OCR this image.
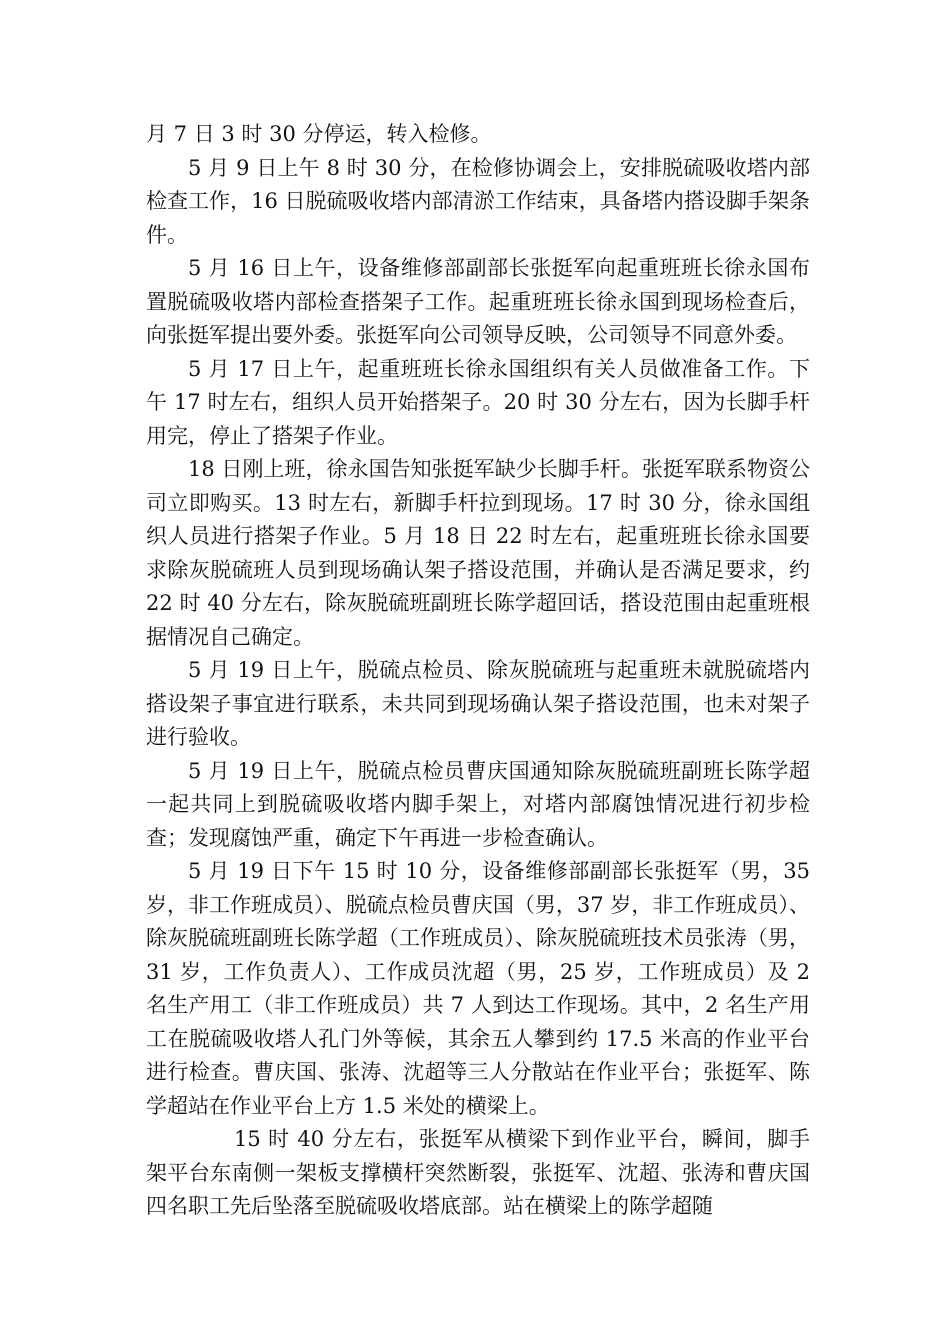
月 7 日 3 时 30 分停运，转入检修。

5 月 9 日上午 8 时 30 分，在检修协调会上，安排脱硫吸收塔内部检查工作，16 日脱硫吸收塔内部清淤工作结束，具备塔内搭设脚手架条件。

5 月 16 日上午，设备维修部副部长张挺军向起重班班长徐永国布置脱硫吸收塔内部检查搭架子工作。起重班班长徐永国到现场检查后，向张挺军提出要外委。张挺军向公司领导反映，公司领导不同意外委。

5 月 17 日上午，起重班班长徐永国组织有关人员做准备工作。下午 17 时左右，组织人员开始搭架子。20 时 30 分左右，因为长脚手杆用完，停止了搭架子作业。

18 日刚上班，徐永国告知张挺军缺少长脚手杆。张挺军联系物资公司立即购买。13 时左右，新脚手杆拉到现场。17 时 30 分，徐永国组织人员进行搭架子作业。5 月 18 日 22 时左右，起重班班长徐永国要求除灰脱硫班人员到现场确认架子搭设范围，并确认是否满足要求，约 22 时 40 分左右，除灰脱硫班副班长陈学超回话，搭设范围由起重班根据情况自己确定。

5 月 19 日上午，脱硫点检员、除灰脱硫班与起重班未就脱硫塔内搭设架子事宜进行联系，未共同到现场确认架子搭设范围，也未对架子进行验收。

5 月 19 日上午，脱硫点检员曹庆国通知除灰脱硫班副班长陈学超一起共同上到脱硫吸收塔内脚手架上，对塔内部腐蚀情况进行初步检查；发现腐蚀严重，确定下午再进一步检查确认。

5 月 19 日下午 15 时 10 分，设备维修部副部长张挺军（男，35 岁，非工作班成员）、脱硫点检员曹庆国（男，37 岁，非工作班成员）、除灰脱硫班副班长陈学超（工作班成员）、除灰脱硫班技术员张涛（男，31 岁，工作负责人）、工作成员沈超（男，25 岁，工作班成员）及 2 名生产用工（非工作班成员）共 7 人到达工作现场。其中，2 名生产用工在脱硫吸收塔人孔门外等候，其余五人攀到约 17.5 米高的作业平台进行检查。曹庆国、张涛、沈超等三人分散站在作业平台；张挺军、陈学超站在作业平台上方 1.5 米处的横梁上。

15 时 40 分左右，张挺军从横梁下到作业平台，瞬间，脚手架平台东南侧一架板支撑横杆突然断裂，张挺军、沈超、张涛和曹庆国四名职工先后坠落至脱硫吸收塔底部。站在横梁上的陈学超随
